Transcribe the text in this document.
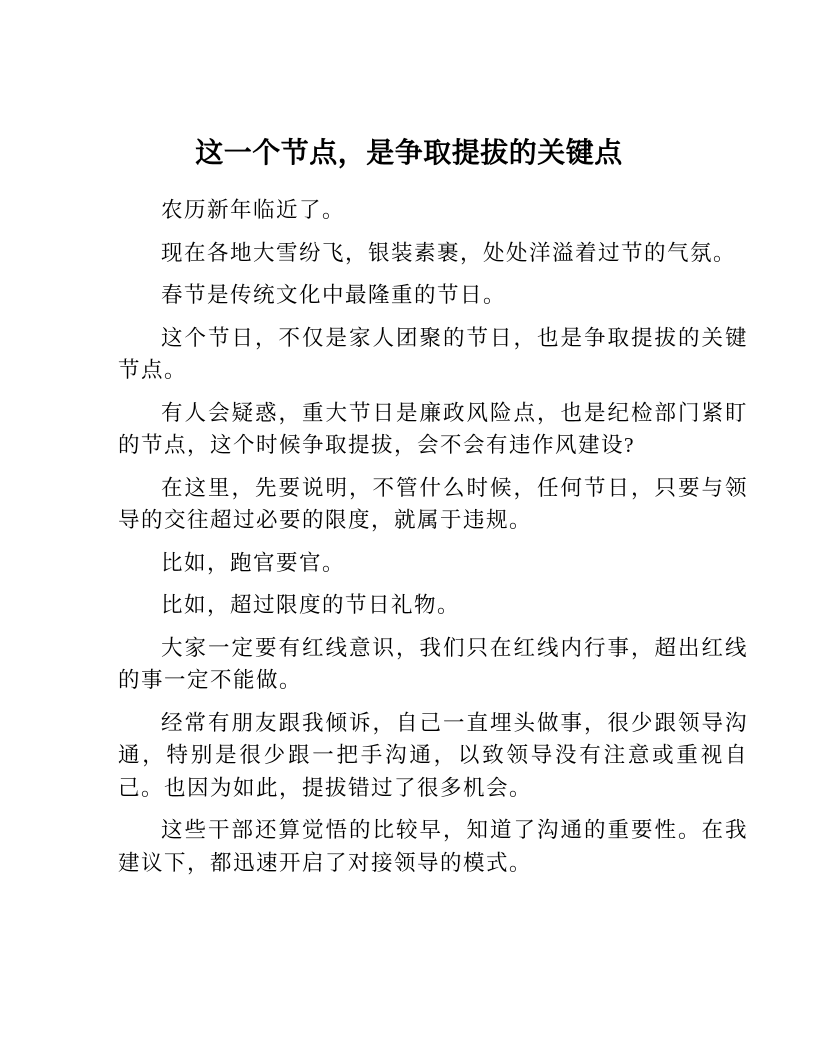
这一个节点，是争取提拔的关键点

农历新年临近了。

现在各地大雪纷飞，银装素裹，处处洋溢着过节的气氛。

春节是传统文化中最隆重的节日。

这个节日，不仅是家人团聚的节日，也是争取提拔的关键节点。

有人会疑惑，重大节日是廉政风险点，也是纪检部门紧盯的节点，这个时候争取提拔，会不会有违作风建设?

在这里，先要说明，不管什么时候，任何节日，只要与领导的交往超过必要的限度，就属于违规。

比如，跑官要官。

比如，超过限度的节日礼物。

大家一定要有红线意识，我们只在红线内行事，超出红线的事一定不能做。

经常有朋友跟我倾诉，自己一直埋头做事，很少跟领导沟通，特别是很少跟一把手沟通，以致领导没有注意或重视自己。也因为如此，提拔错过了很多机会。

这些干部还算觉悟的比较早，知道了沟通的重要性。在我建议下，都迅速开启了对接领导的模式。
